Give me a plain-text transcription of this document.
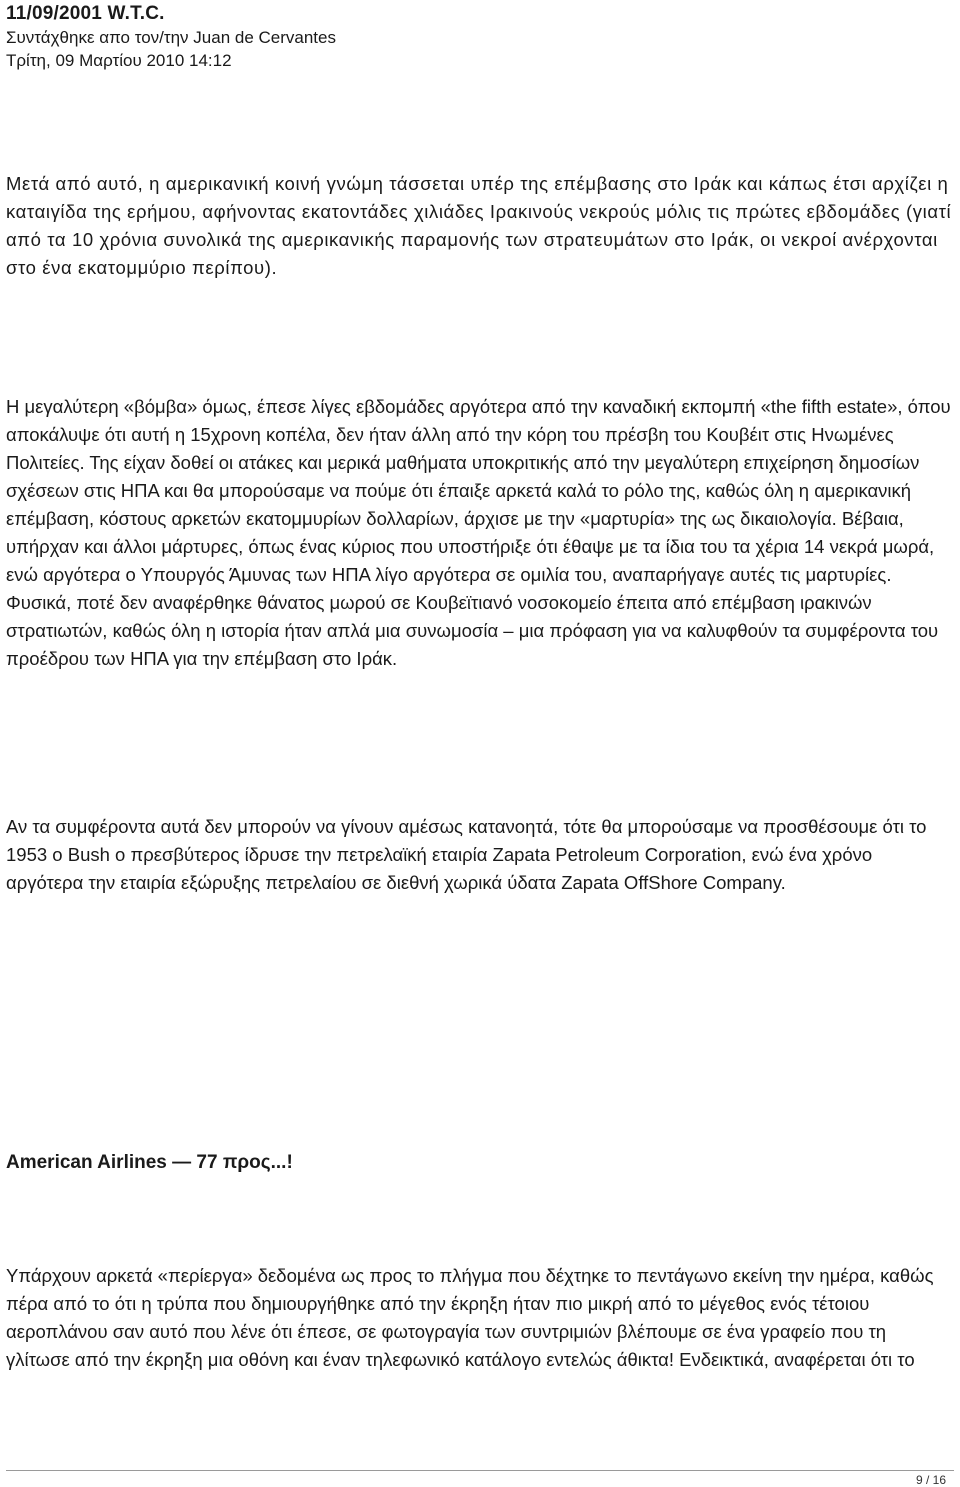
11/09/2001 W.T.C.
Συντάχθηκε απο τον/την Juan de Cervantes
Τρίτη, 09 Μαρτίου 2010 14:12

Μετά από αυτό, η αμερικανική κοινή γνώμη τάσσεται υπέρ της επέμβασης στο Ιράκ και κάπως έτσι αρχίζει η καταιγίδα της ερήμου, αφήνοντας εκατοντάδες χιλιάδες Ιρακινούς νεκρούς μόλις τις πρώτες εβδομάδες (γιατί από τα 10 χρόνια συνολικά της αμερικανικής παραμονής των στρατευμάτων στο Ιράκ, οι νεκροί ανέρχονται στο ένα εκατομμύριο περίπου).

Η μεγαλύτερη «βόμβα» όμως, έπεσε λίγες εβδομάδες αργότερα από την καναδική εκπομπή «the fifth estate», όπου αποκάλυψε ότι αυτή η 15χρονη κοπέλα, δεν ήταν άλλη από την κόρη του πρέσβη του Κουβέιτ στις Ηνωμένες Πολιτείες. Της είχαν δοθεί οι ατάκες και μερικά μαθήματα υποκριτικής από την μεγαλύτερη επιχείρηση δημοσίων σχέσεων στις ΗΠΑ και θα μπορούσαμε να πούμε ότι έπαιξε αρκετά καλά το ρόλο της, καθώς όλη η αμερικανική επέμβαση, κόστους αρκετών εκατομμυρίων δολλαρίων, άρχισε με την «μαρτυρία» της ως δικαιολογία. Βέβαια, υπήρχαν και άλλοι μάρτυρες, όπως ένας κύριος που υποστήριξε ότι έθαψε με τα ίδια του τα χέρια 14 νεκρά μωρά, ενώ αργότερα ο Υπουργός Άμυνας των ΗΠΑ λίγο αργότερα σε ομιλία του, αναπαρήγαγε αυτές τις μαρτυρίες. Φυσικά, ποτέ δεν αναφέρθηκε θάνατος μωρού σε Κουβεϊτιανό νοσοκομείο έπειτα από επέμβαση ιρακινών στρατιωτών, καθώς όλη η ιστορία ήταν απλά μια συνωμοσία – μια πρόφαση για να καλυφθούν τα συμφέροντα του προέδρου των ΗΠΑ για την επέμβαση στο Ιράκ.

Αν τα συμφέροντα αυτά δεν μπορούν να γίνουν αμέσως κατανοητά, τότε θα μπορούσαμε να προσθέσουμε ότι το 1953 ο Bush ο πρεσβύτερος ίδρυσε την πετρελαϊκή εταιρία Zapata Petroleum Corporation, ενώ ένα χρόνο αργότερα την εταιρία εξώρυξης πετρελαίου σε διεθνή χωρικά ύδατα Zapata OffShore Company.

American Airlines — 77 προς...!

Υπάρχουν αρκετά «περίεργα» δεδομένα ως προς το πλήγμα που δέχτηκε το πεντάγωνο εκείνη την ημέρα, καθώς πέρα από το ότι η τρύπα που δημιουργήθηκε από την έκρηξη ήταν πιο μικρή από το μέγεθος ενός τέτοιου αεροπλάνου σαν αυτό που λένε ότι έπεσε, σε φωτογραγία των συντριμιών βλέπουμε σε ένα γραφείο που τη γλίτωσε από την έκρηξη μια οθόνη και έναν τηλεφωνικό κατάλογο εντελώς άθικτα! Ενδεικτικά, αναφέρεται ότι το

9 / 16
